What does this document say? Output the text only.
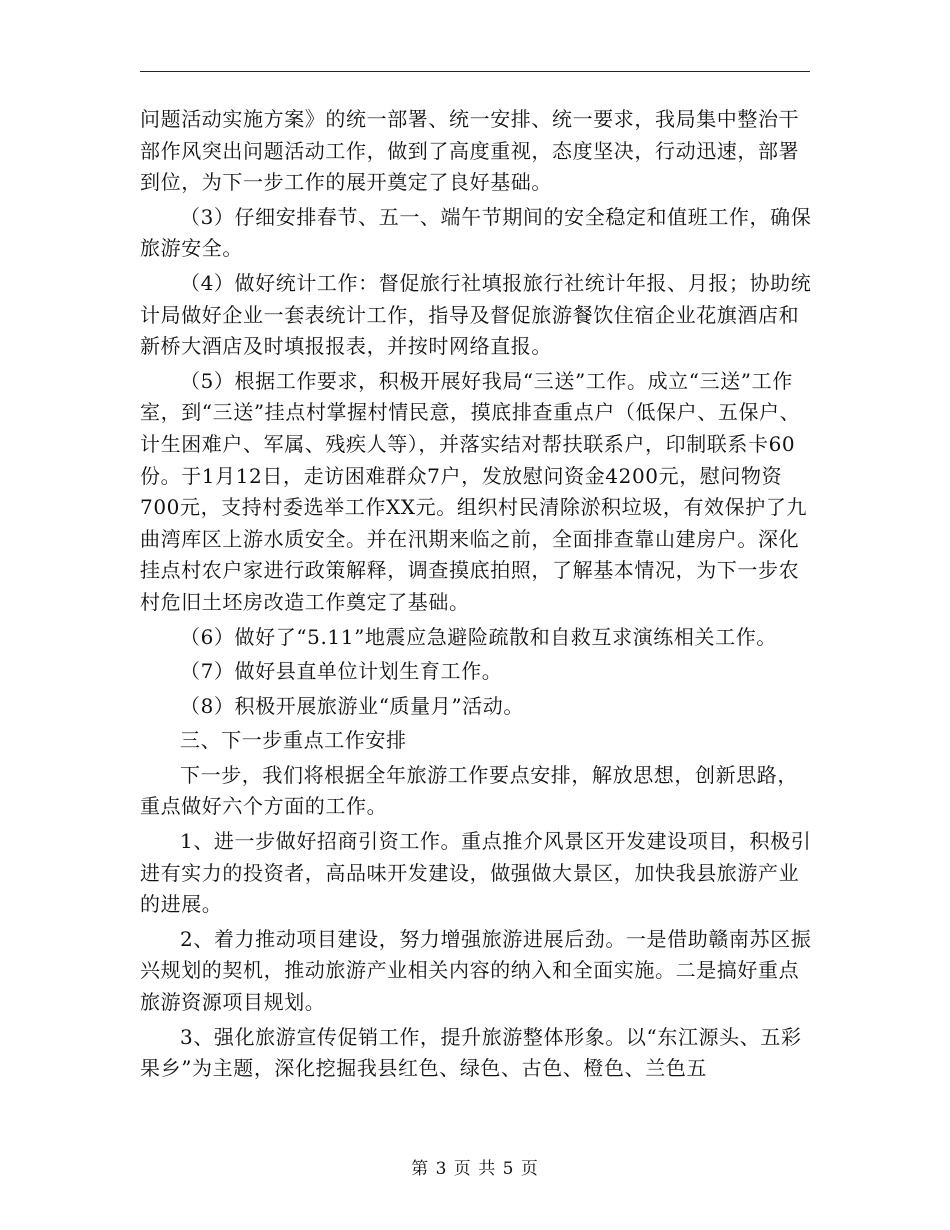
问题活动实施方案》的统一部署、统一安排、统一要求，我局集中整治干部作风突出问题活动工作，做到了高度重视，态度坚决，行动迅速，部署到位，为下一步工作的展开奠定了良好基础。

（3）仔细安排春节、五一、端午节期间的安全稳定和值班工作，确保旅游安全。

（4）做好统计工作：督促旅行社填报旅行社统计年报、月报；协助统计局做好企业一套表统计工作，指导及督促旅游餐饮住宿企业花旗酒店和新桥大酒店及时填报报表，并按时网络直报。

（5）根据工作要求，积极开展好我局“三送”工作。成立“三送”工作室，到“三送”挂点村掌握村情民意，摸底排查重点户（低保户、五保户、计生困难户、军属、残疾人等），并落实结对帮扶联系户，印制联系卡60份。于1月12日，走访困难群众7户，发放慰问资金4200元，慰问物资700元，支持村委选举工作XX元。组织村民清除淤积垃圾，有效保护了九曲湾库区上游水质安全。并在汛期来临之前，全面排查靠山建房户。深化挂点村农户家进行政策解释，调查摸底拍照，了解基本情况，为下一步农村危旧土坯房改造工作奠定了基础。

（6）做好了“5.11”地震应急避险疏散和自救互求演练相关工作。

（7）做好县直单位计划生育工作。

（8）积极开展旅游业“质量月”活动。

三、下一步重点工作安排

下一步，我们将根据全年旅游工作要点安排，解放思想，创新思路，重点做好六个方面的工作。

1、进一步做好招商引资工作。重点推介风景区开发建设项目，积极引进有实力的投资者，高品味开发建设，做强做大景区，加快我县旅游产业的进展。

2、着力推动项目建设，努力增强旅游进展后劲。一是借助赣南苏区振兴规划的契机，推动旅游产业相关内容的纳入和全面实施。二是搞好重点旅游资源项目规划。

3、强化旅游宣传促销工作，提升旅游整体形象。以“东江源头、五彩果乡”为主题，深化挖掘我县红色、绿色、古色、橙色、兰色五

第 3 页 共 5 页
